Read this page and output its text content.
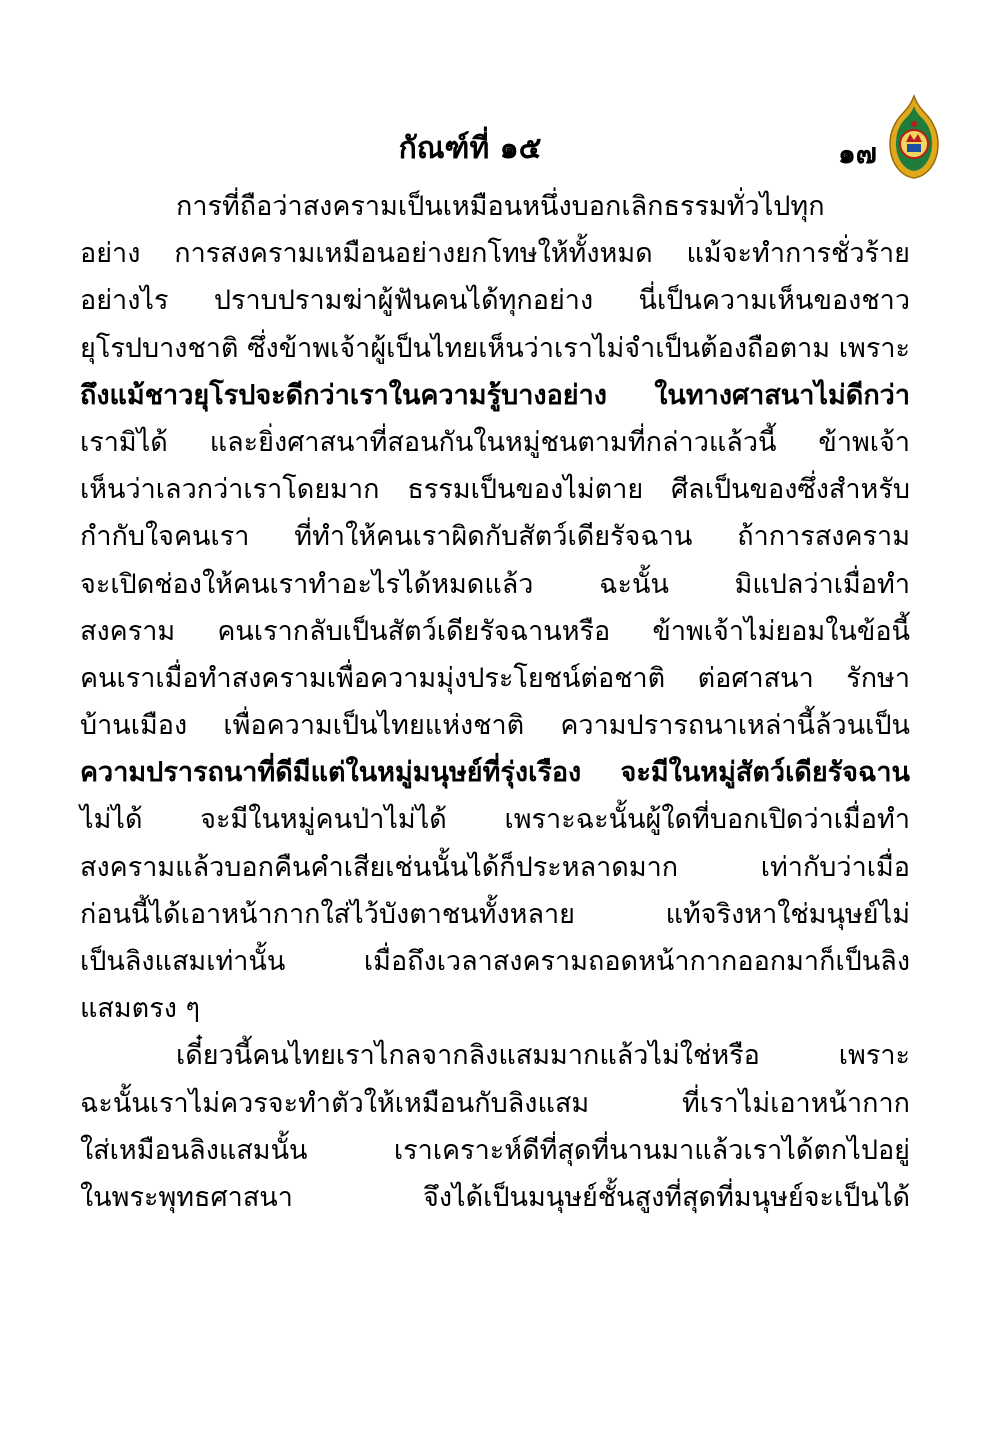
กัณฑ์ที่ ๑๕	๑๗
การที่ถือว่าสงครามเป็นเหมือนหนึ่งบอกเลิกธรรมทั่วไปทุก
อย่าง การสงครามเหมือนอย่างยกโทษให้ทั้งหมด แม้จะทำการชั่วร้าย
อย่างไร ปราบปรามฆ่าผู้ฟันคนได้ทุกอย่าง นี่เป็นความเห็นของชาว
ยุโรปบางชาติ ซึ่งข้าพเจ้าผู้เป็นไทยเห็นว่าเราไม่จำเป็นต้องถือตาม เพราะ
ถึงแม้ชาวยุโรปจะดีกว่าเราในความรู้บางอย่าง ในทางศาสนาไม่ดีกว่า
เรามิได้ และยิ่งศาสนาที่สอนกันในหมู่ชนตามที่กล่าวแล้วนี้ ข้าพเจ้า
เห็นว่าเลวกว่าเราโดยมาก ธรรมเป็นของไม่ตาย ศีลเป็นของซึ่งสำหรับ
กำกับใจคนเรา ที่ทำให้คนเราผิดกับสัตว์เดียรัจฉาน ถ้าการสงคราม
จะเปิดช่องให้คนเราทำอะไรได้หมดแล้ว ฉะนั้น มิแปลว่าเมื่อทำ
สงคราม คนเรากลับเป็นสัตว์เดียรัจฉานหรือ ข้าพเจ้าไม่ยอมในข้อนี้
คนเราเมื่อทำสงครามเพื่อความมุ่งประโยชน์ต่อชาติ ต่อศาสนา รักษา
บ้านเมือง เพื่อความเป็นไทยแห่งชาติ ความปรารถนาเหล่านี้ล้วนเป็น
ความปรารถนาที่ดีมีแต่ในหมู่มนุษย์ที่รุ่งเรือง จะมีในหมู่สัตว์เดียรัจฉาน
ไม่ได้ จะมีในหมู่คนป่าไม่ได้ เพราะฉะนั้นผู้ใดที่บอกเปิดว่าเมื่อทำ
สงครามแล้วบอกคืนคำเสียเช่นนั้นได้ก็ประหลาดมาก เท่ากับว่าเมื่อ
ก่อนนี้ได้เอาหน้ากากใส่ไว้บังตาชนทั้งหลาย แท้จริงหาใช่มนุษย์ไม่
เป็นลิงแสมเท่านั้น เมื่อถึงเวลาสงครามถอดหน้ากากออกมาก็เป็นลิง
แสมตรง ๆ
เดี๋ยวนี้คนไทยเราไกลจากลิงแสมมากแล้วไม่ใช่หรือ เพราะ
ฉะนั้นเราไม่ควรจะทำตัวให้เหมือนกับลิงแสม ที่เราไม่เอาหน้ากาก
ใส่เหมือนลิงแสมนั้น เราเคราะห์ดีที่สุดที่นานมาแล้วเราได้ตกไปอยู่
ในพระพุทธศาสนา จึงได้เป็นมนุษย์ชั้นสูงที่สุดที่มนุษย์จะเป็นได้
